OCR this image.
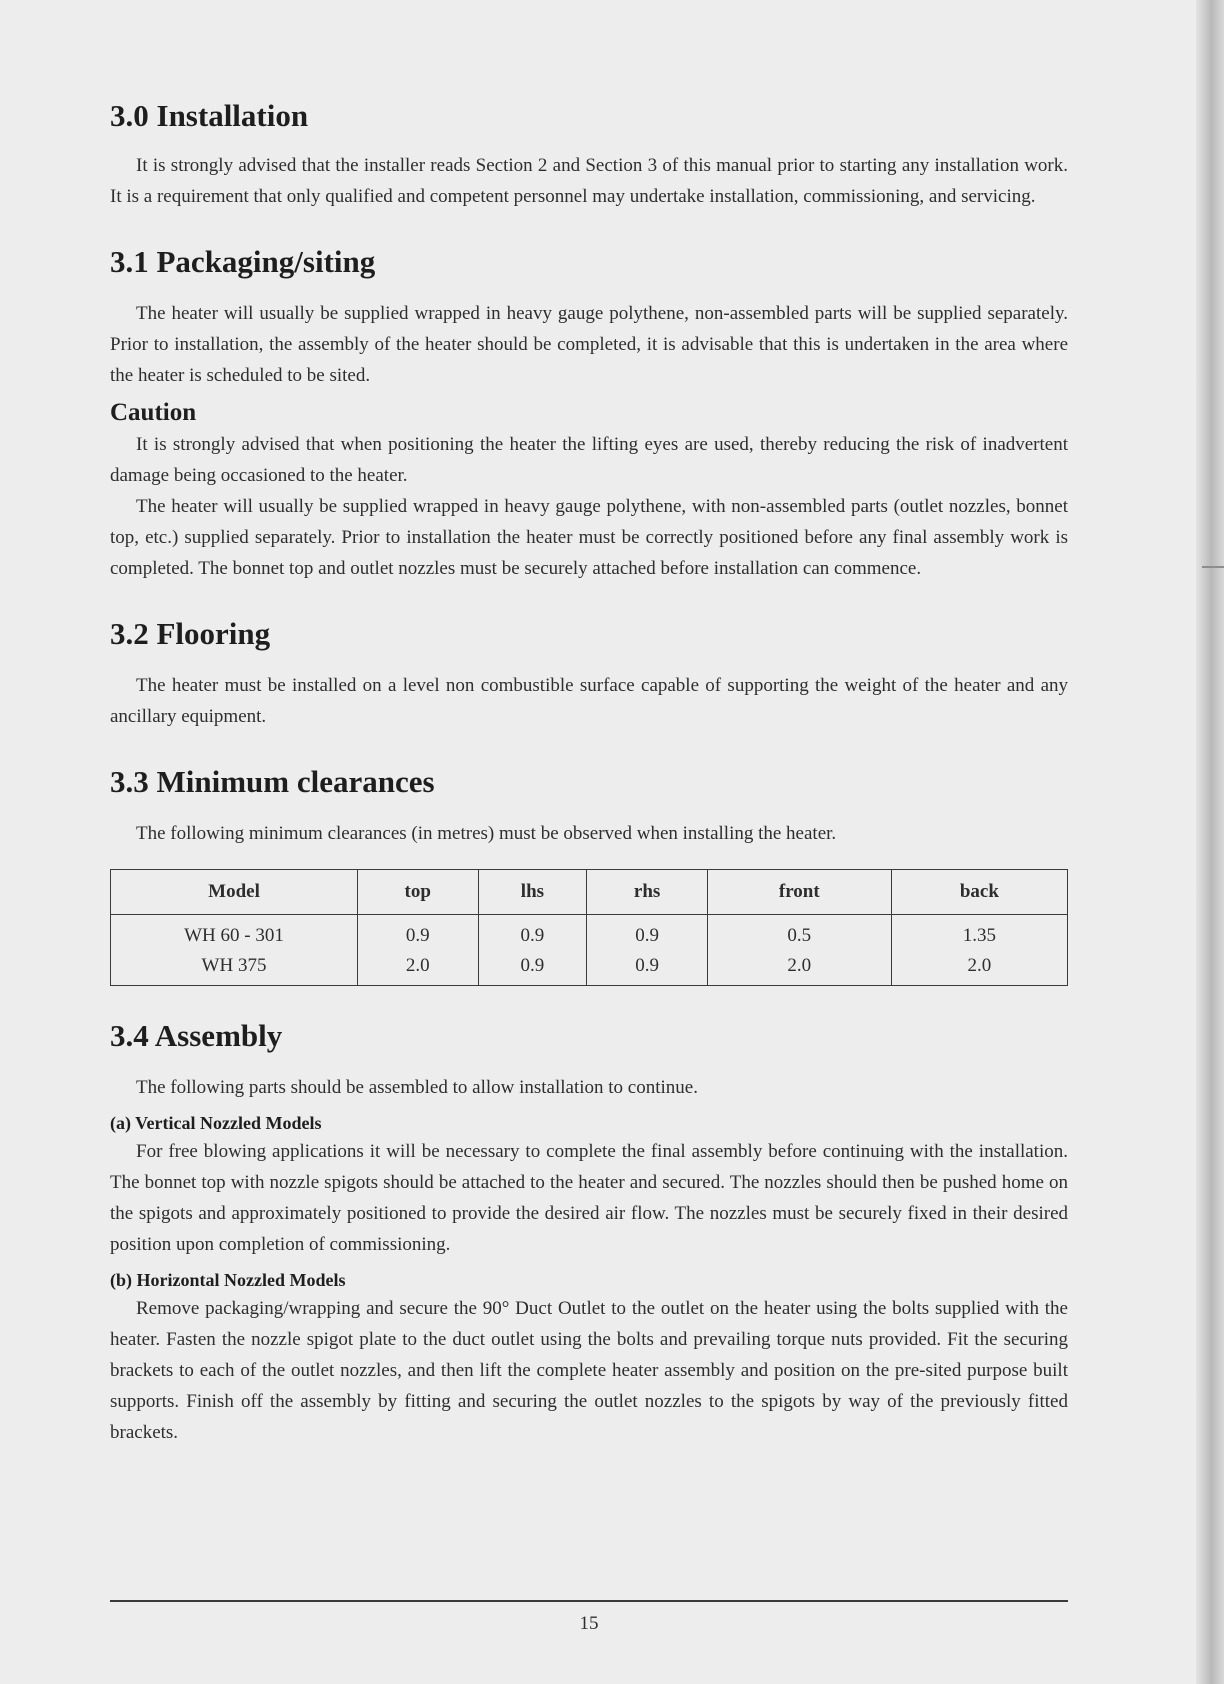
3.0 Installation

It is strongly advised that the installer reads Section 2 and Section 3 of this manual prior to starting any installation work. It is a requirement that only qualified and competent personnel may undertake installation, commissioning, and servicing.

3.1 Packaging/siting

The heater will usually be supplied wrapped in heavy gauge polythene, non-assembled parts will be supplied separately. Prior to installation, the assembly of the heater should be completed, it is advisable that this is undertaken in the area where the heater is scheduled to be sited.

Caution

It is strongly advised that when positioning the heater the lifting eyes are used, thereby reducing the risk of inadvertent damage being occasioned to the heater.

The heater will usually be supplied wrapped in heavy gauge polythene, with non-assembled parts (outlet nozzles, bonnet top, etc.) supplied separately. Prior to installation the heater must be correctly positioned before any final assembly work is completed. The bonnet top and outlet nozzles must be securely attached before installation can commence.

3.2 Flooring

The heater must be installed on a level non combustible surface capable of supporting the weight of the heater and any ancillary equipment.

3.3 Minimum clearances

The following minimum clearances (in metres) must be observed when installing the heater.

Model	top	lhs	rhs	front	back
WH 60 - 301	0.9	0.9	0.9	0.5	1.35
WH 375	2.0	0.9	0.9	2.0	2.0
3.4 Assembly

The following parts should be assembled to allow installation to continue.

(a) Vertical Nozzled Models

For free blowing applications it will be necessary to complete the final assembly before continuing with the installation. The bonnet top with nozzle spigots should be attached to the heater and secured. The nozzles should then be pushed home on the spigots and approximately positioned to provide the desired air flow. The nozzles must be securely fixed in their desired position upon completion of commissioning.

(b) Horizontal Nozzled Models

Remove packaging/wrapping and secure the 90° Duct Outlet to the outlet on the heater using the bolts supplied with the heater. Fasten the nozzle spigot plate to the duct outlet using the bolts and prevailing torque nuts provided. Fit the securing brackets to each of the outlet nozzles, and then lift the complete heater assembly and position on the pre-sited purpose built supports. Finish off the assembly by fitting and securing the outlet nozzles to the spigots by way of the previously fitted brackets.

15
